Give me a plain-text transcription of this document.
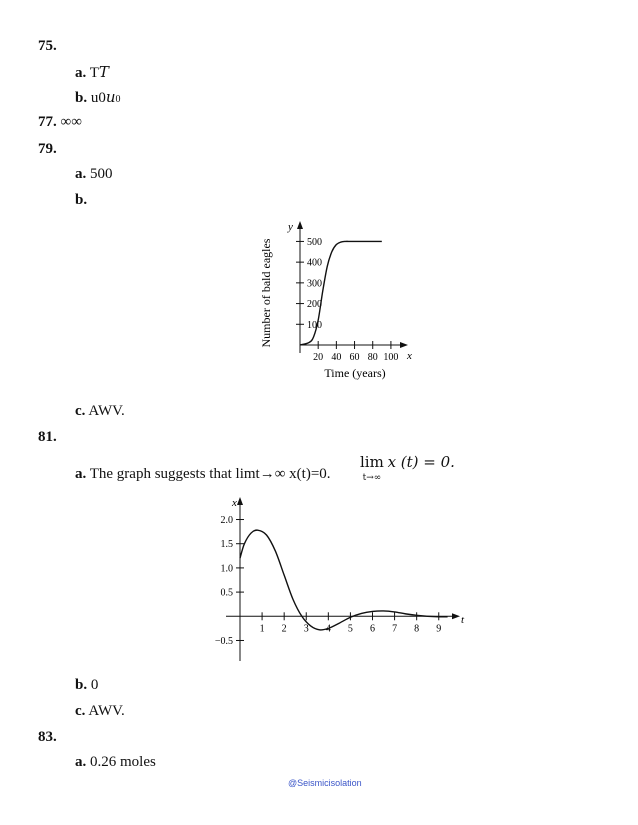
75.
a. TT
b. u0u0
77. ∞∞
79.
a. 500
b.
20 40 60 80 100
100
200
300
400
500
y
x
Time (years)
Number of bald eagles
c. AWV.
81.
lim
$^{t\to\infty}$ x (t) = 0.
a. The graph suggests that limt→∞ x(t)=0.
1 2 3 4 5 6 7 8 9
−0.5
0.5
1.0
1.5
2.0
x
t
b. 0
c. AWV.
83.
a. 0.26 moles
@Seismicisolation
